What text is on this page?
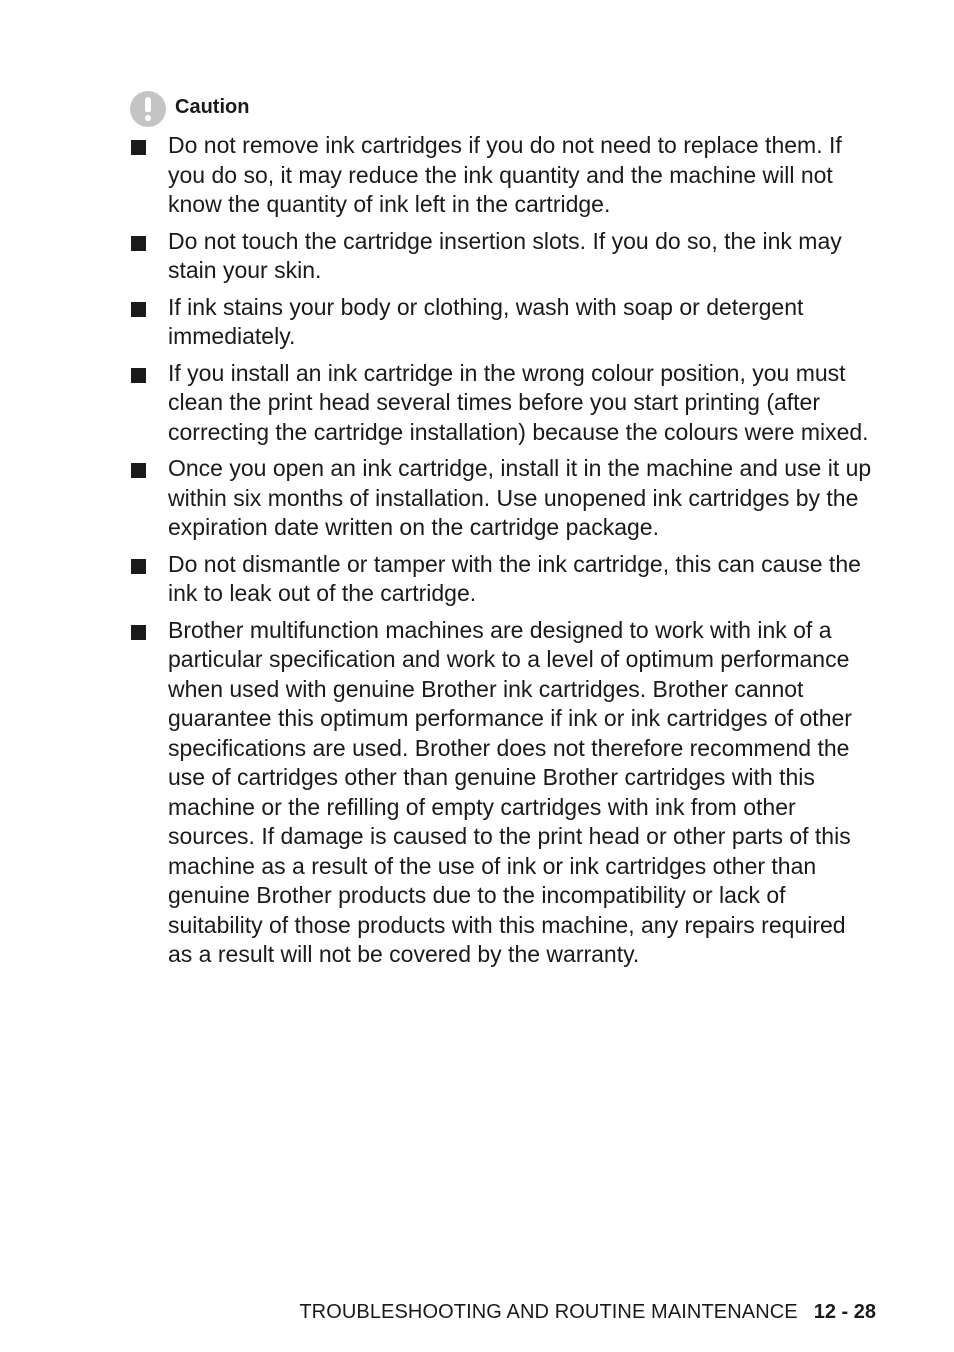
Caution
Do not remove ink cartridges if you do not need to replace them. If you do so, it may reduce the ink quantity and the machine will not know the quantity of ink left in the cartridge.
Do not touch the cartridge insertion slots. If you do so, the ink may stain your skin.
If ink stains your body or clothing, wash with soap or detergent immediately.
If you install an ink cartridge in the wrong colour position, you must clean the print head several times before you start printing (after correcting the cartridge installation) because the colours were mixed.
Once you open an ink cartridge, install it in the machine and use it up within six months of installation. Use unopened ink cartridges by the expiration date written on the cartridge package.
Do not dismantle or tamper with the ink cartridge, this can cause the ink to leak out of the cartridge.
Brother multifunction machines are designed to work with ink of a particular specification and work to a level of optimum performance when used with genuine Brother ink cartridges. Brother cannot guarantee this optimum performance if ink or ink cartridges of other specifications are used. Brother does not therefore recommend the use of cartridges other than genuine Brother cartridges with this machine or the refilling of empty cartridges with ink from other sources. If damage is caused to the print head or other parts of this machine as a result of the use of ink or ink cartridges other than genuine Brother products due to the incompatibility or lack of suitability of those products with this machine, any repairs required as a result will not be covered by the warranty.
TROUBLESHOOTING AND ROUTINE MAINTENANCE 12 - 28
